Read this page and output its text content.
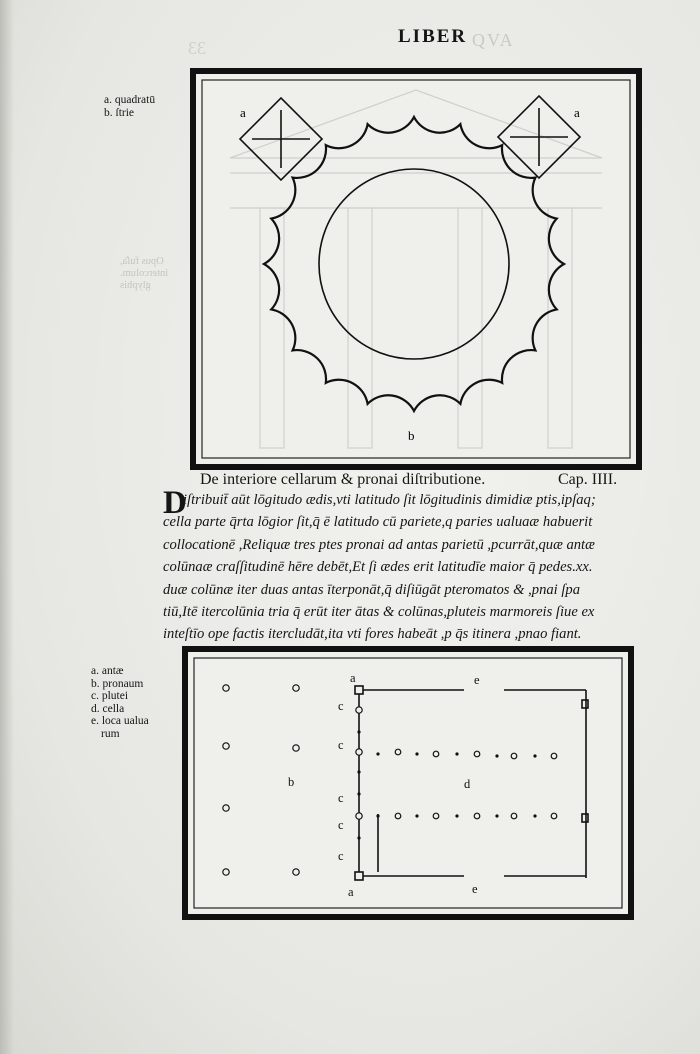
33	QVA
LIBER
a. quadratū
b. ſtrie
Opus fuſ̄a, intercolum. glyphis
a	a
b
De interiore cellarum & pronai diſtributione.	Cap. IIII.
D
iſtribuit̄ aūt lōgitudo ædis,vti latitudo ſit lōgitudinis dimidiæ ptis,ipſaq;
cella parte q̄rta lōgior ſit,q̄ ē latitudo cū pariete,q paries ualuaæ habuerit
collocationē ,Reliquæ tres ptes pronai ad antas parietū ,pcurrāt,quæ antæ
colūnaæ craſſitudinē hēre debēt,Et ſi ædes erit latitudīe maior q̄ pedes.xx.
duæ colūnæ iter duas antas īterponāt,q̄ diſiūgāt pteromatos & ,pnai ſpa
tiū,Itē itercolūnia tria q̄ erūt iter ātas & colūnas,pluteis marmoreis ſiue ex
inteſtīo ope factis itercludāt,ita vti fores habeāt ,p q̄s itinera ,pnao fiant.
a. antæ
b. pronaum
c. plutei
d. cella
e. loca ualua
rum
a
a
b	d
e
e
c
c
c
c
c
